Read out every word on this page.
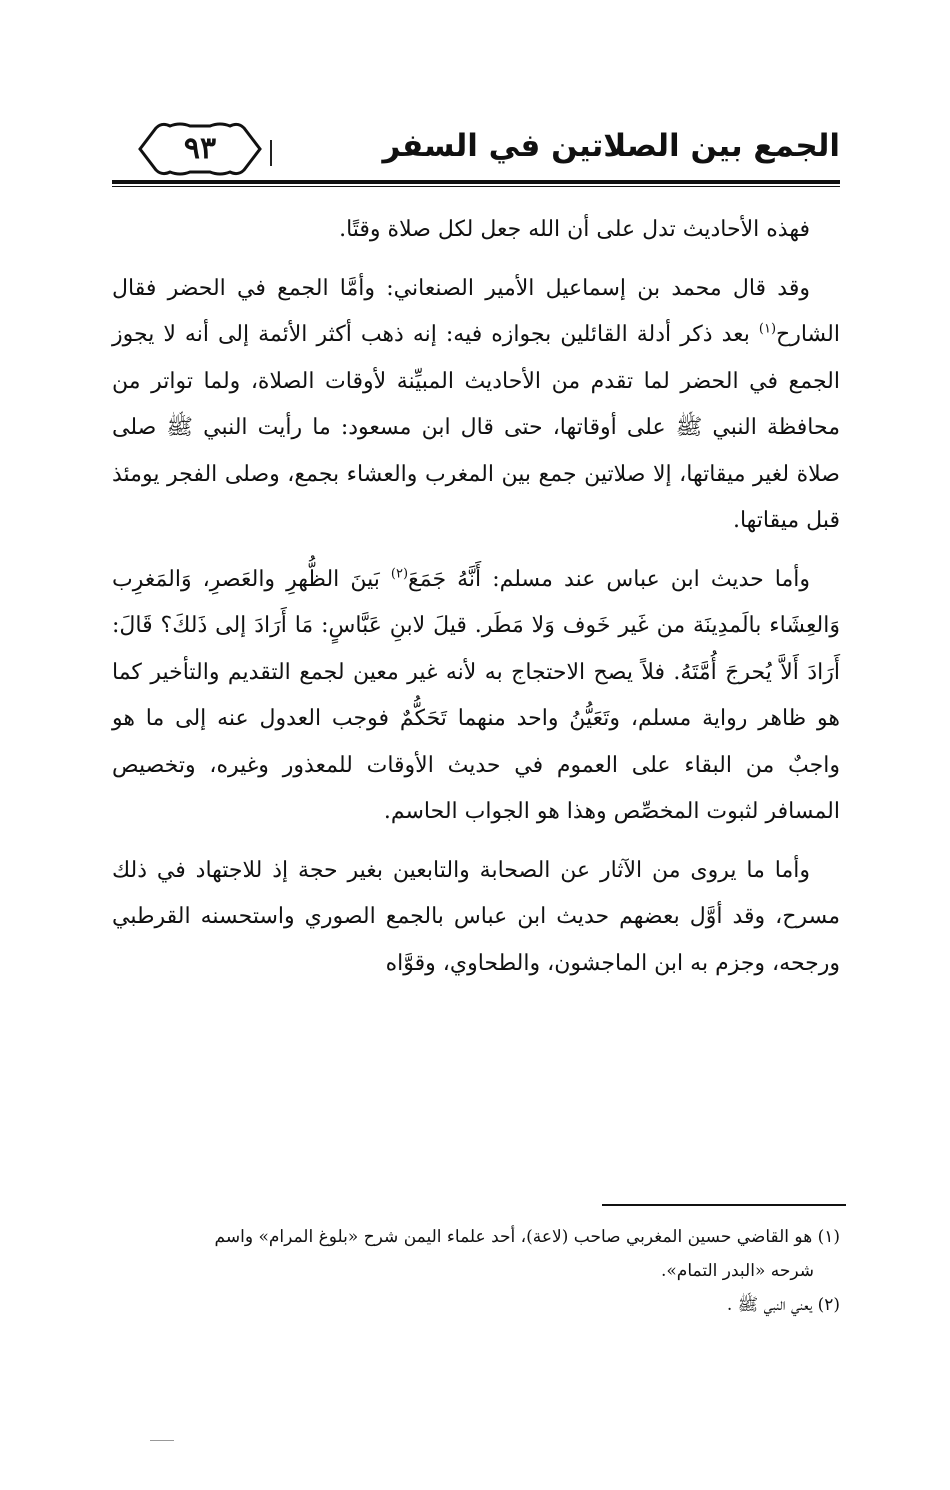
الجمع بين الصلاتين في السفر
٩٣

فهذه الأحاديث تدل على أن الله جعل لكل صلاة وقتًا.

وقد قال محمد بن إسماعيل الأمير الصنعاني: وأمَّا الجمع في الحضر فقال الشارح$^{(١)}$ بعد ذكر أدلة القائلين بجوازه فيه: إنه ذهب أكثر الأئمة إلى أنه لا يجوز الجمع في الحضر لما تقدم من الأحاديث المبيِّنة لأوقات الصلاة، ولما تواتر من محافظة النبي ﷺ على أوقاتها، حتى قال ابن مسعود: ما رأيت النبي ﷺ صلى صلاة لغير ميقاتها، إلا صلاتين جمع بين المغرب والعشاء بجمع، وصلى الفجر يومئذ قبل ميقاتها.

وأما حديث ابن عباس عند مسلم: أَنَّهُ جَمَعَ$^{(٢)}$ بَينَ الظُّهرِ والعَصرِ، وَالمَغرِب وَالعِشَاء بالَمدِينَة من غَير خَوف وَلا مَطَر. قيلَ لابنِ عَبَّاسٍ: مَا أَرَادَ إلى ذَلكَ؟ قَالَ: أَرَادَ أَلاَّ يُحرجَ أُمَّتَهُ. فلاً يصح الاحتجاج به لأنه غير معين لجمع التقديم والتأخير كما هو ظاهر رواية مسلم، وتَعَيُّنُ واحد منهما تَحَكُّمٌ فوجب العدول عنه إلى ما هو واجبٌ من البقاء على العموم في حديث الأوقات للمعذور وغيره، وتخصيص المسافر لثبوت المخصِّص وهذا هو الجواب الحاسم.

وأما ما يروى من الآثار عن الصحابة والتابعين بغير حجة إذ للاجتهاد في ذلك مسرح، وقد أوَّل بعضهم حديث ابن عباس بالجمع الصوري واستحسنه القرطبي ورجحه، وجزم به ابن الماجشون، والطحاوي، وقوَّاه

(١) هو القاضي حسين المغربي صاحب (لاعة)، أحد علماء اليمن شرح «بلوغ المرام» واسم

شرحه «البدر التمام».

(٢) يعني النبي ﷺ .
